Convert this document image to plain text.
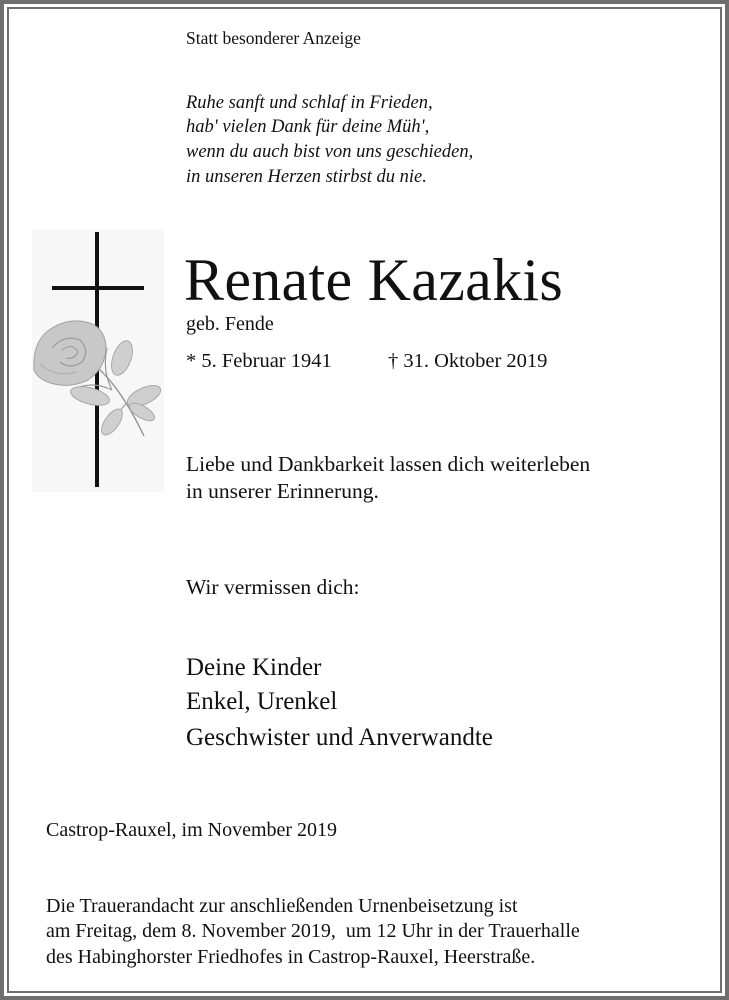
Statt besonderer Anzeige
Ruhe sanft und schlaf in Frieden,
hab' vielen Dank für deine Müh',
wenn du auch bist von uns geschieden,
in unseren Herzen stirbst du nie.
Renate Kazakis
geb. Fende
* 5. Februar 1941	† 31. Oktober 2019
Liebe und Dankbarkeit lassen dich weiterleben
in unserer Erinnerung.
Wir vermissen dich:
Deine Kinder
Enkel, Urenkel
Geschwister und Anverwandte
Castrop-Rauxel, im November 2019
Die Trauerandacht zur anschließenden Urnenbeisetzung ist
am Freitag, dem 8. November 2019,  um 12 Uhr in der Trauerhalle
des Habinghorster Friedhofes in Castrop-Rauxel, Heerstraße.
